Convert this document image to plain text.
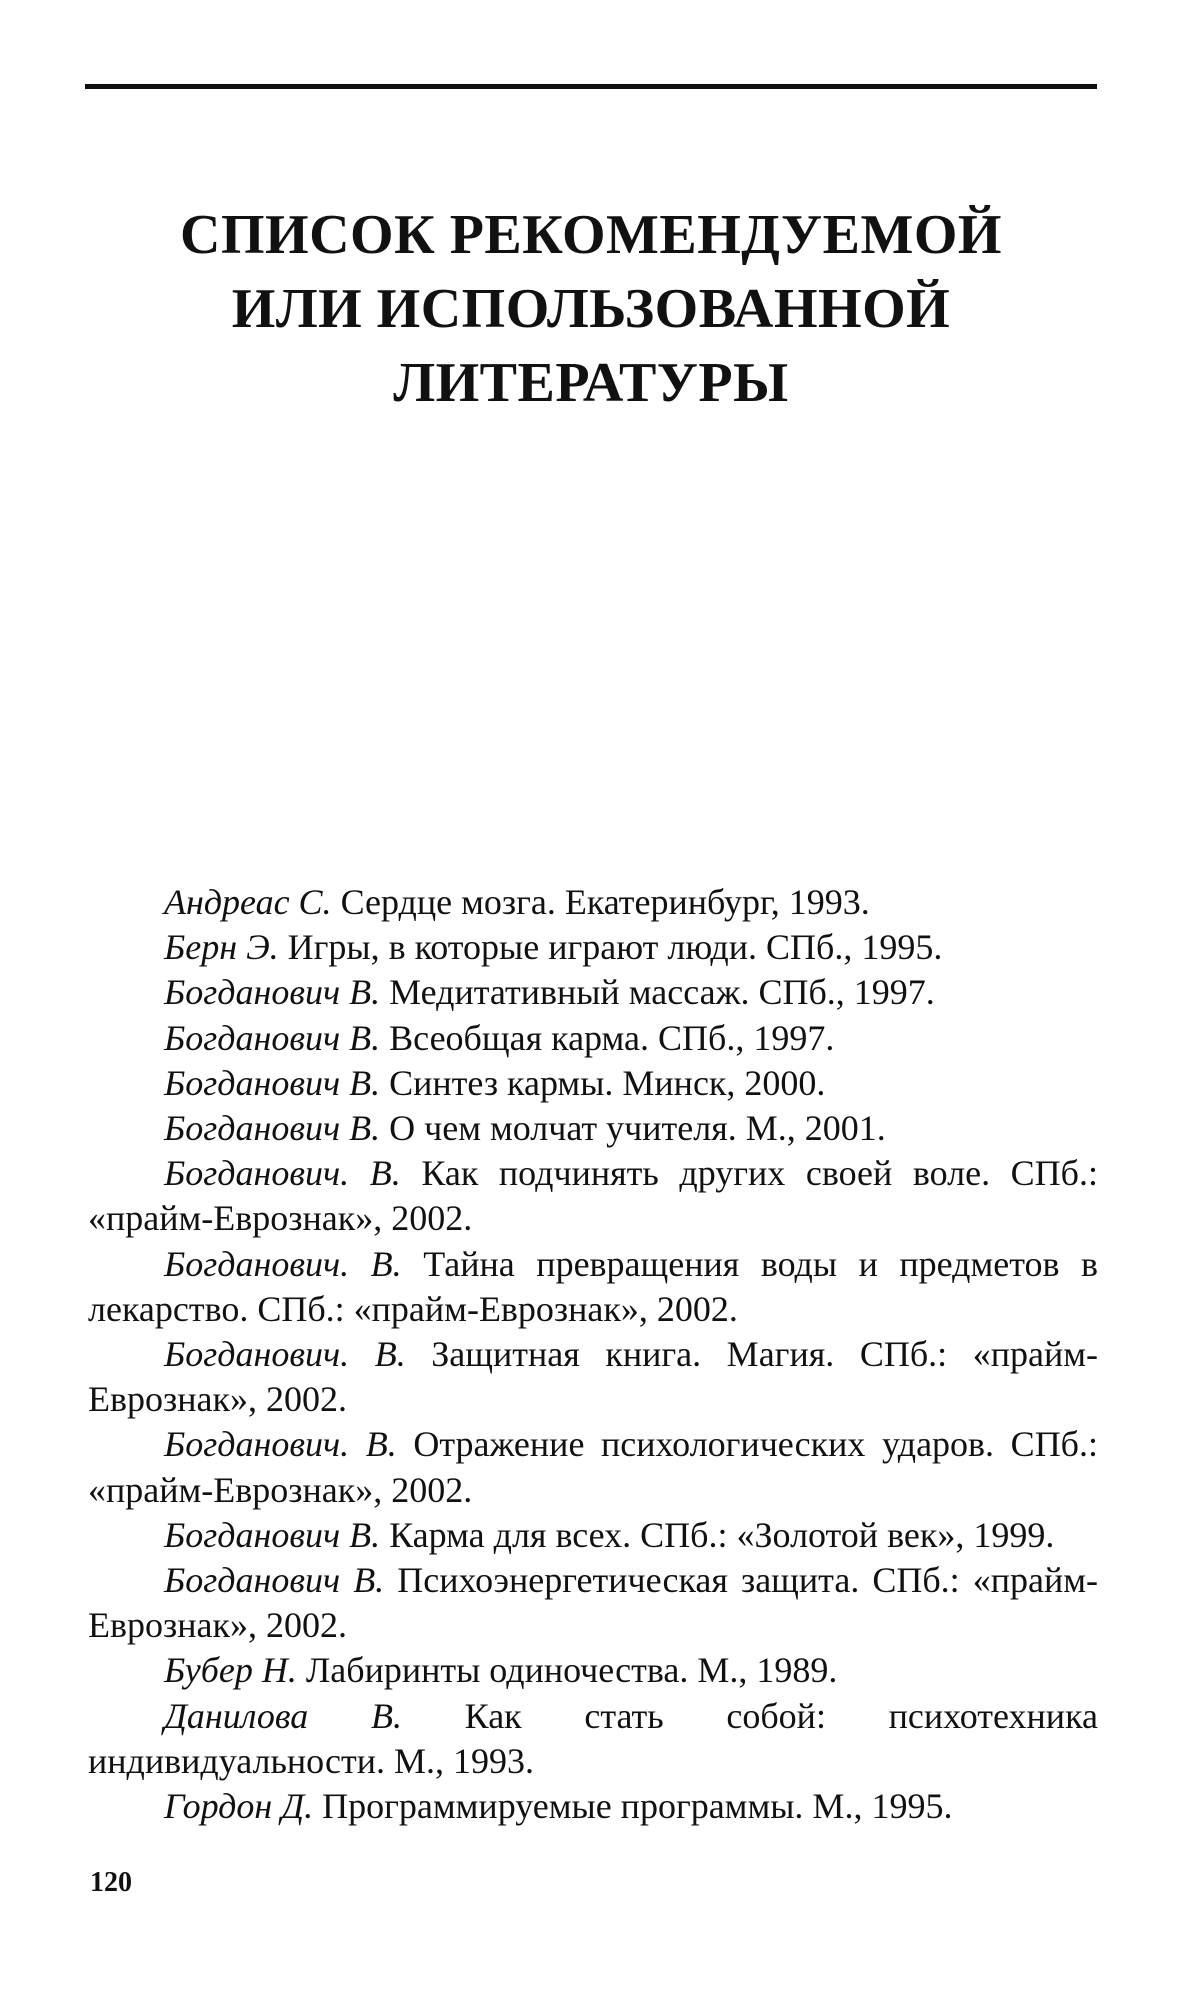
СПИСОК РЕКОМЕНДУЕМОЙ
ИЛИ ИСПОЛЬЗОВАННОЙ
ЛИТЕРАТУРЫ

Андреас С. Сердце мозга. Екатеринбург, 1993.

Берн Э. Игры, в которые играют люди. СПб., 1995.

Богданович В. Медитативный массаж. СПб., 1997.

Богданович В. Всеобщая карма. СПб., 1997.

Богданович В. Синтез кармы. Минск, 2000.

Богданович В. О чем молчат учителя. М., 2001.

Богданович. В. Как подчинять других своей воле. СПб.: «прайм-Еврознак», 2002.

Богданович. В. Тайна превращения воды и предметов в лекарство. СПб.: «прайм-Еврознак», 2002.

Богданович. В. Защитная книга. Магия. СПб.: «прайм-Еврознак», 2002.

Богданович. В. Отражение психологических ударов. СПб.: «прайм-Еврознак», 2002.

Богданович В. Карма для всех. СПб.: «Золотой век», 1999.

Богданович В. Психоэнергетическая защита. СПб.: «прайм-Еврознак», 2002.

Бубер Н. Лабиринты одиночества. М., 1989.

Данилова В. Как стать собой: психотехника индивидуальности. М., 1993.

Гордон Д. Программируемые программы. М., 1995.

120
